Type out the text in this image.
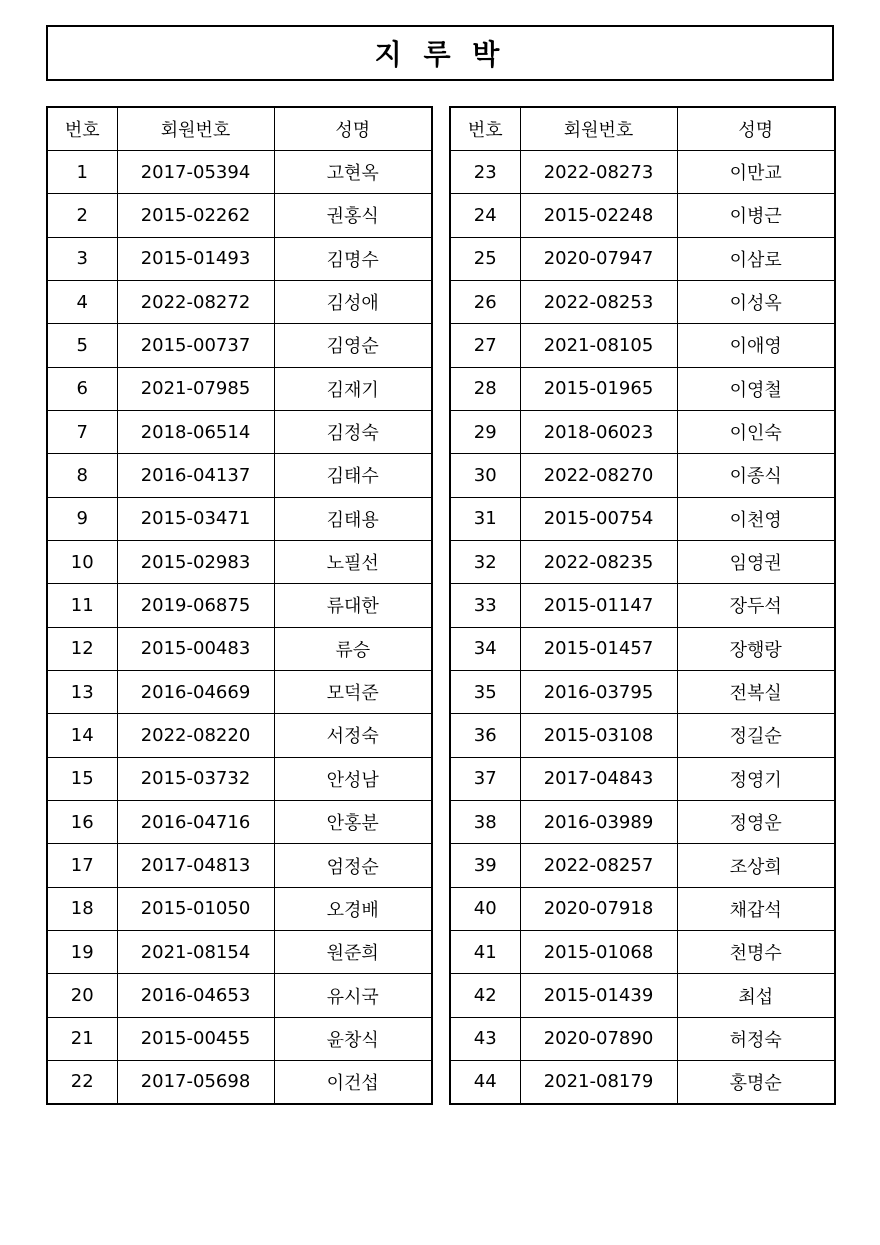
지 루 박
번호	회원번호	성명
1	2017-05394	고현옥
2	2015-02262	권홍식
3	2015-01493	김명수
4	2022-08272	김성애
5	2015-00737	김영순
6	2021-07985	김재기
7	2018-06514	김정숙
8	2016-04137	김태수
9	2015-03471	김태용
10	2015-02983	노필선
11	2019-06875	류대한
12	2015-00483	류승
13	2016-04669	모덕준
14	2022-08220	서정숙
15	2015-03732	안성남
16	2016-04716	안홍분
17	2017-04813	엄정순
18	2015-01050	오경배
19	2021-08154	원준희
20	2016-04653	유시국
21	2015-00455	윤창식
22	2017-05698	이건섭
번호	회원번호	성명
23	2022-08273	이만교
24	2015-02248	이병근
25	2020-07947	이삼로
26	2022-08253	이성옥
27	2021-08105	이애영
28	2015-01965	이영철
29	2018-06023	이인숙
30	2022-08270	이종식
31	2015-00754	이천영
32	2022-08235	임영권
33	2015-01147	장두석
34	2015-01457	장행랑
35	2016-03795	전복실
36	2015-03108	정길순
37	2017-04843	정영기
38	2016-03989	정영운
39	2022-08257	조상희
40	2020-07918	채갑석
41	2015-01068	천명수
42	2015-01439	최섭
43	2020-07890	허정숙
44	2021-08179	홍명순
